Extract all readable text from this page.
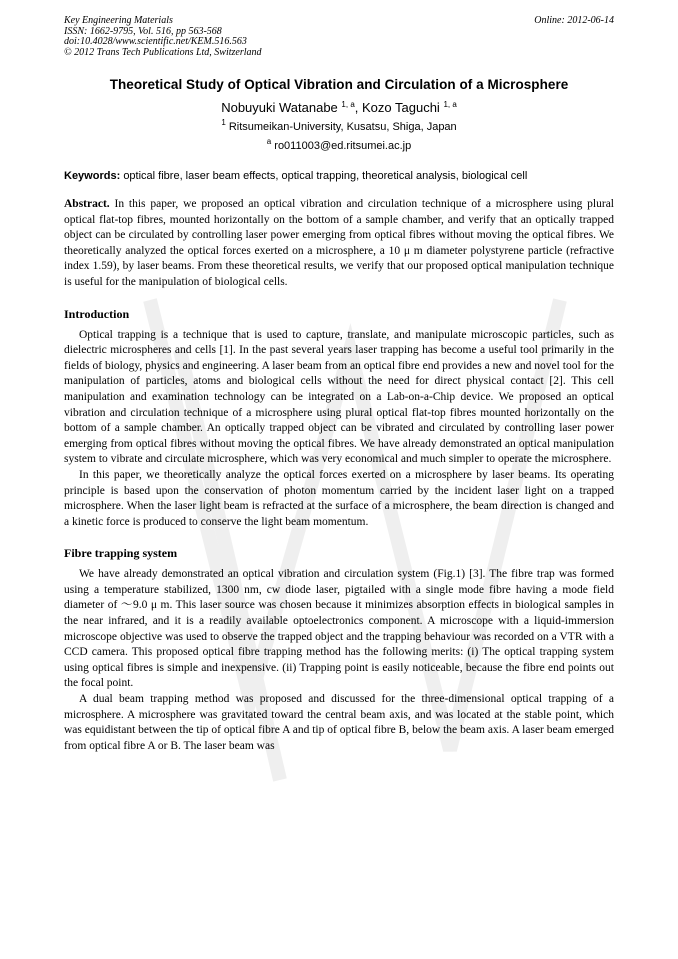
Key Engineering Materials
ISSN: 1662-9795, Vol. 516, pp 563-568
doi:10.4028/www.scientific.net/KEM.516.563
© 2012 Trans Tech Publications Ltd, Switzerland
Online: 2012-06-14
Theoretical Study of Optical Vibration and Circulation of a Microsphere
Nobuyuki Watanabe $^{1, a}$, Kozo Taguchi $^{1, a}$
$^1$ Ritsumeikan-University, Kusatsu, Shiga, Japan
$^a$ ro011003@ed.ritsumei.ac.jp
Keywords: optical fibre, laser beam effects, optical trapping, theoretical analysis, biological cell
Abstract. In this paper, we proposed an optical vibration and circulation technique of a microsphere using plural optical flat-top fibres, mounted horizontally on the bottom of a sample chamber, and verify that an optically trapped object can be circulated by controlling laser power emerging from optical fibres without moving the optical fibres. We theoretically analyzed the optical forces exerted on a microsphere, a 10 μ m diameter polystyrene particle (refractive index 1.59), by laser beams. From these theoretical results, we verify that our proposed optical manipulation technique is useful for the manipulation of biological cells.
Introduction

Optical trapping is a technique that is used to capture, translate, and manipulate microscopic particles, such as dielectric microspheres and cells [1]. In the past several years laser trapping has become a useful tool primarily in the fields of biology, physics and engineering. A laser beam from an optical fibre end provides a new and novel tool for the manipulation of particles, atoms and biological cells without the need for direct physical contact [2]. This cell manipulation and examination technology can be integrated on a Lab-on-a-Chip device. We proposed an optical vibration and circulation technique of a microsphere using plural optical flat-top fibres mounted horizontally on the bottom of a sample chamber. An optically trapped object can be vibrated and circulated by controlling laser power emerging from optical fibres without moving the optical fibres. We have already demonstrated an optical manipulation system to vibrate and circulate microsphere, which was very economical and much simpler to operate the microsphere.

In this paper, we theoretically analyze the optical forces exerted on a microsphere by laser beams. Its operating principle is based upon the conservation of photon momentum carried by the incident laser light on a trapped microsphere. When the laser light beam is refracted at the surface of a microsphere, the beam direction is changed and a kinetic force is produced to conserve the light beam momentum.

Fibre trapping system

We have already demonstrated an optical vibration and circulation system (Fig.1) [3]. The fibre trap was formed using a temperature stabilized, 1300 nm, cw diode laser, pigtailed with a single mode fibre having a mode field diameter of ～9.0 μ m. This laser source was chosen because it minimizes absorption effects in biological samples in the near infrared, and it is a readily available optoelectronics component. A microscope with a liquid-immersion microscope objective was used to observe the trapped object and the trapping behaviour was recorded on a VTR with a CCD camera. This proposed optical fibre trapping method has the following merits: (i) The optical trapping system using optical fibres is simple and inexpensive. (ii) Trapping point is easily noticeable, because the fibre end points out the focal point.

A dual beam trapping method was proposed and discussed for the three-dimensional optical trapping of a microsphere. A microsphere was gravitated toward the central beam axis, and was located at the stable point, which was equidistant between the tip of optical fibre A and tip of optical fibre B, below the beam axis. A laser beam emerged from optical fibre A or B. The laser beam was
